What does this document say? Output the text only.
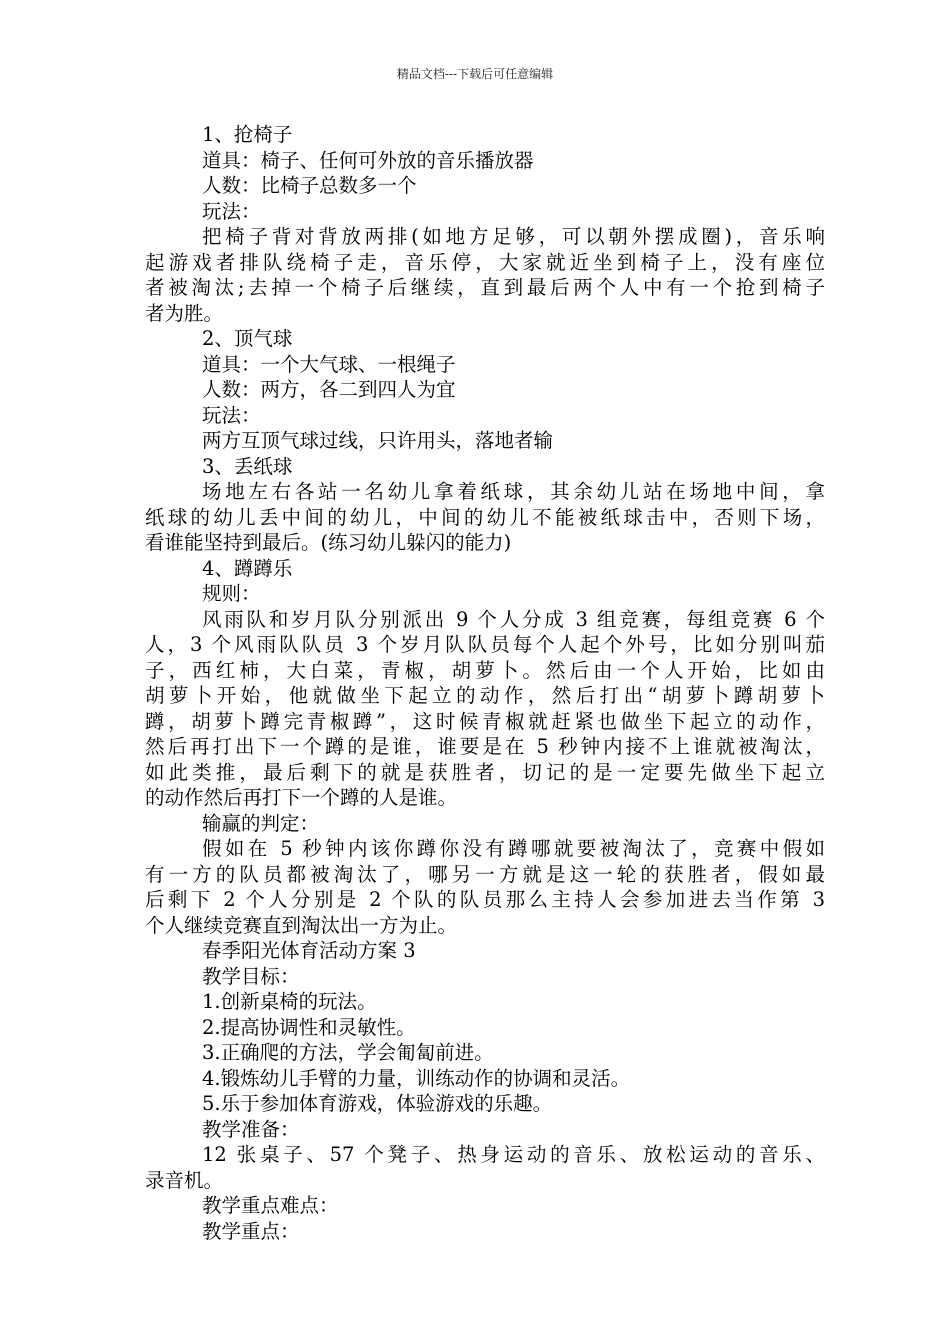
精品文档---下载后可任意编辑
1、抢椅子
道具：椅子、任何可外放的音乐播放器
人数：比椅子总数多一个
玩法：
把椅子背对背放两排(如地方足够，可以朝外摆成圈)，音乐响
起游戏者排队绕椅子走，音乐停，大家就近坐到椅子上，没有座位
者被淘汰;去掉一个椅子后继续，直到最后两个人中有一个抢到椅子
者为胜。
2、顶气球
道具：一个大气球、一根绳子
人数：两方，各二到四人为宜
玩法：
两方互顶气球过线，只许用头，落地者输
3、丢纸球
场地左右各站一名幼儿拿着纸球，其余幼儿站在场地中间，拿
纸球的幼儿丢中间的幼儿，中间的幼儿不能被纸球击中，否则下场，
看谁能坚持到最后。(练习幼儿躲闪的能力)
4、蹲蹲乐
规则：
风雨队和岁月队分别派出 9 个人分成 3 组竞赛，每组竞赛 6 个
人，3 个风雨队队员 3 个岁月队队员每个人起个外号，比如分别叫茄
子，西红柿，大白菜，青椒，胡萝卜。然后由一个人开始，比如由
胡萝卜开始，他就做坐下起立的动作，然后打出“胡萝卜蹲胡萝卜
蹲，胡萝卜蹲完青椒蹲”，这时候青椒就赶紧也做坐下起立的动作，
然后再打出下一个蹲的是谁，谁要是在 5 秒钟内接不上谁就被淘汰，
如此类推，最后剩下的就是获胜者，切记的是一定要先做坐下起立
的动作然后再打下一个蹲的人是谁。
输赢的判定：
假如在 5 秒钟内该你蹲你没有蹲哪就要被淘汰了，竞赛中假如
有一方的队员都被淘汰了，哪另一方就是这一轮的获胜者，假如最
后剩下 2 个人分别是 2 个队的队员那么主持人会参加进去当作第 3
个人继续竞赛直到淘汰出一方为止。
春季阳光体育活动方案 3
教学目标：
1.创新桌椅的玩法。
2.提高协调性和灵敏性。
3.正确爬的方法，学会匍匐前进。
4.锻炼幼儿手臂的力量，训练动作的协调和灵活。
5.乐于参加体育游戏，体验游戏的乐趣。
教学准备：
12 张桌子、57 个凳子、热身运动的音乐、放松运动的音乐、
录音机。
教学重点难点：
教学重点：
